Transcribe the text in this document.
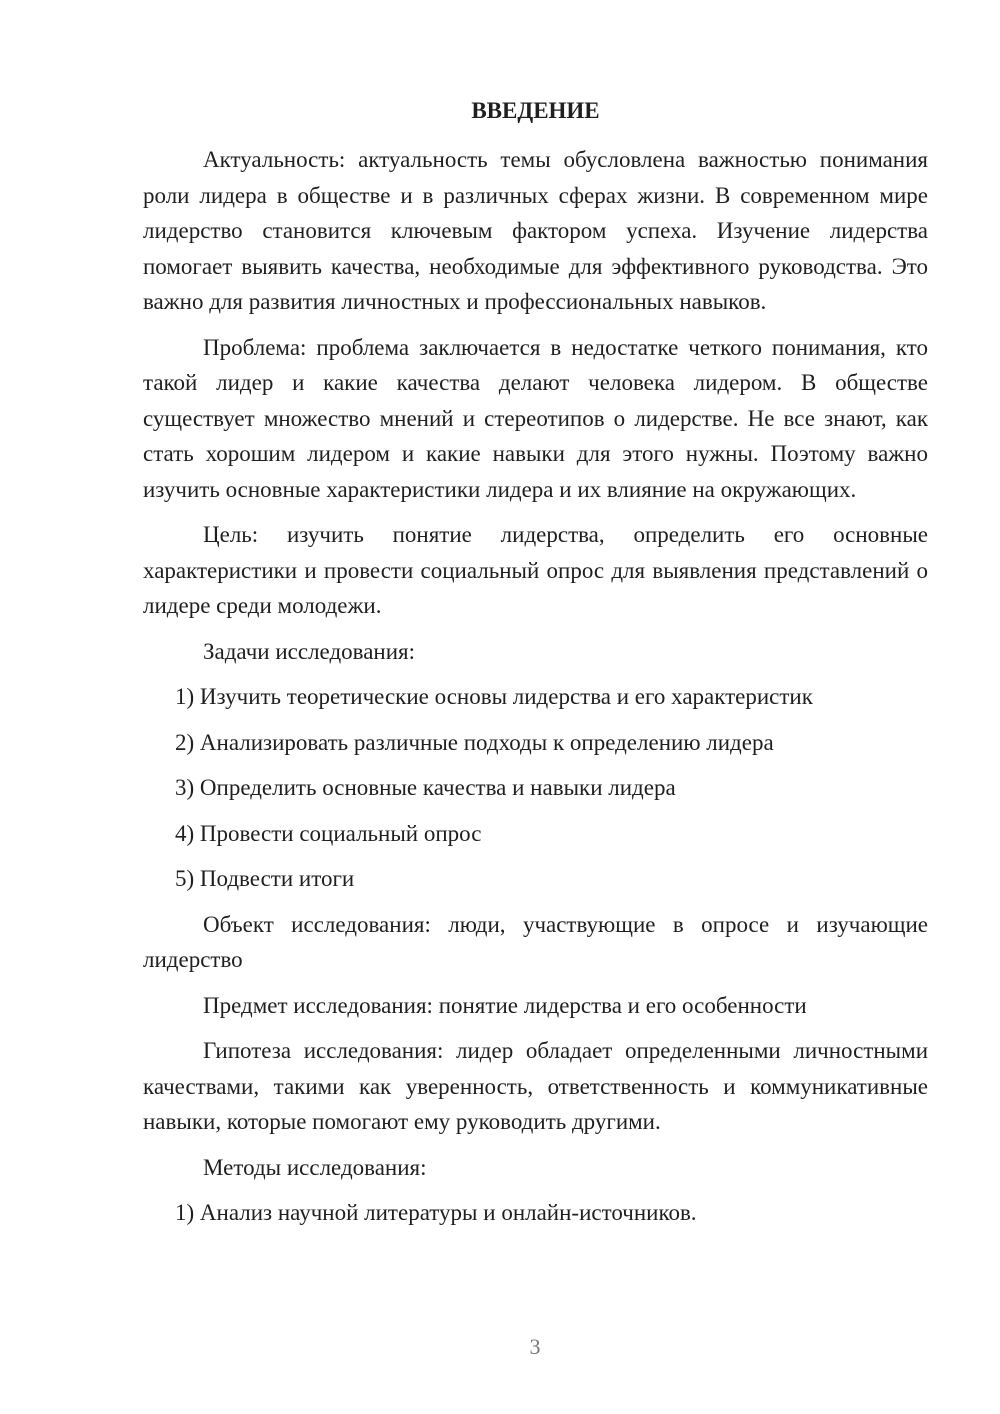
ВВЕДЕНИЕ

Актуальность: актуальность темы обусловлена важностью понимания роли лидера в обществе и в различных сферах жизни. В современном мире лидерство становится ключевым фактором успеха. Изучение лидерства помогает выявить качества, необходимые для эффективного руководства. Это важно для развития личностных и профессиональных навыков.

Проблема: проблема заключается в недостатке четкого понимания, кто такой лидер и какие качества делают человека лидером. В обществе существует множество мнений и стереотипов о лидерстве. Не все знают, как стать хорошим лидером и какие навыки для этого нужны. Поэтому важно изучить основные характеристики лидера и их влияние на окружающих.

Цель: изучить понятие лидерства, определить его основные характеристики и провести социальный опрос для выявления представлений о лидере среди молодежи.

Задачи исследования:

1) Изучить теоретические основы лидерства и его характеристик

2) Анализировать различные подходы к определению лидера

3) Определить основные качества и навыки лидера

4) Провести социальный опрос

5) Подвести итоги

Объект исследования: люди, участвующие в опросе и изучающие лидерство

Предмет исследования: понятие лидерства и его особенности

Гипотеза исследования: лидер обладает определенными личностными качествами, такими как уверенность, ответственность и коммуникативные навыки, которые помогают ему руководить другими.

Методы исследования:

1) Анализ научной литературы и онлайн-источников.

3
